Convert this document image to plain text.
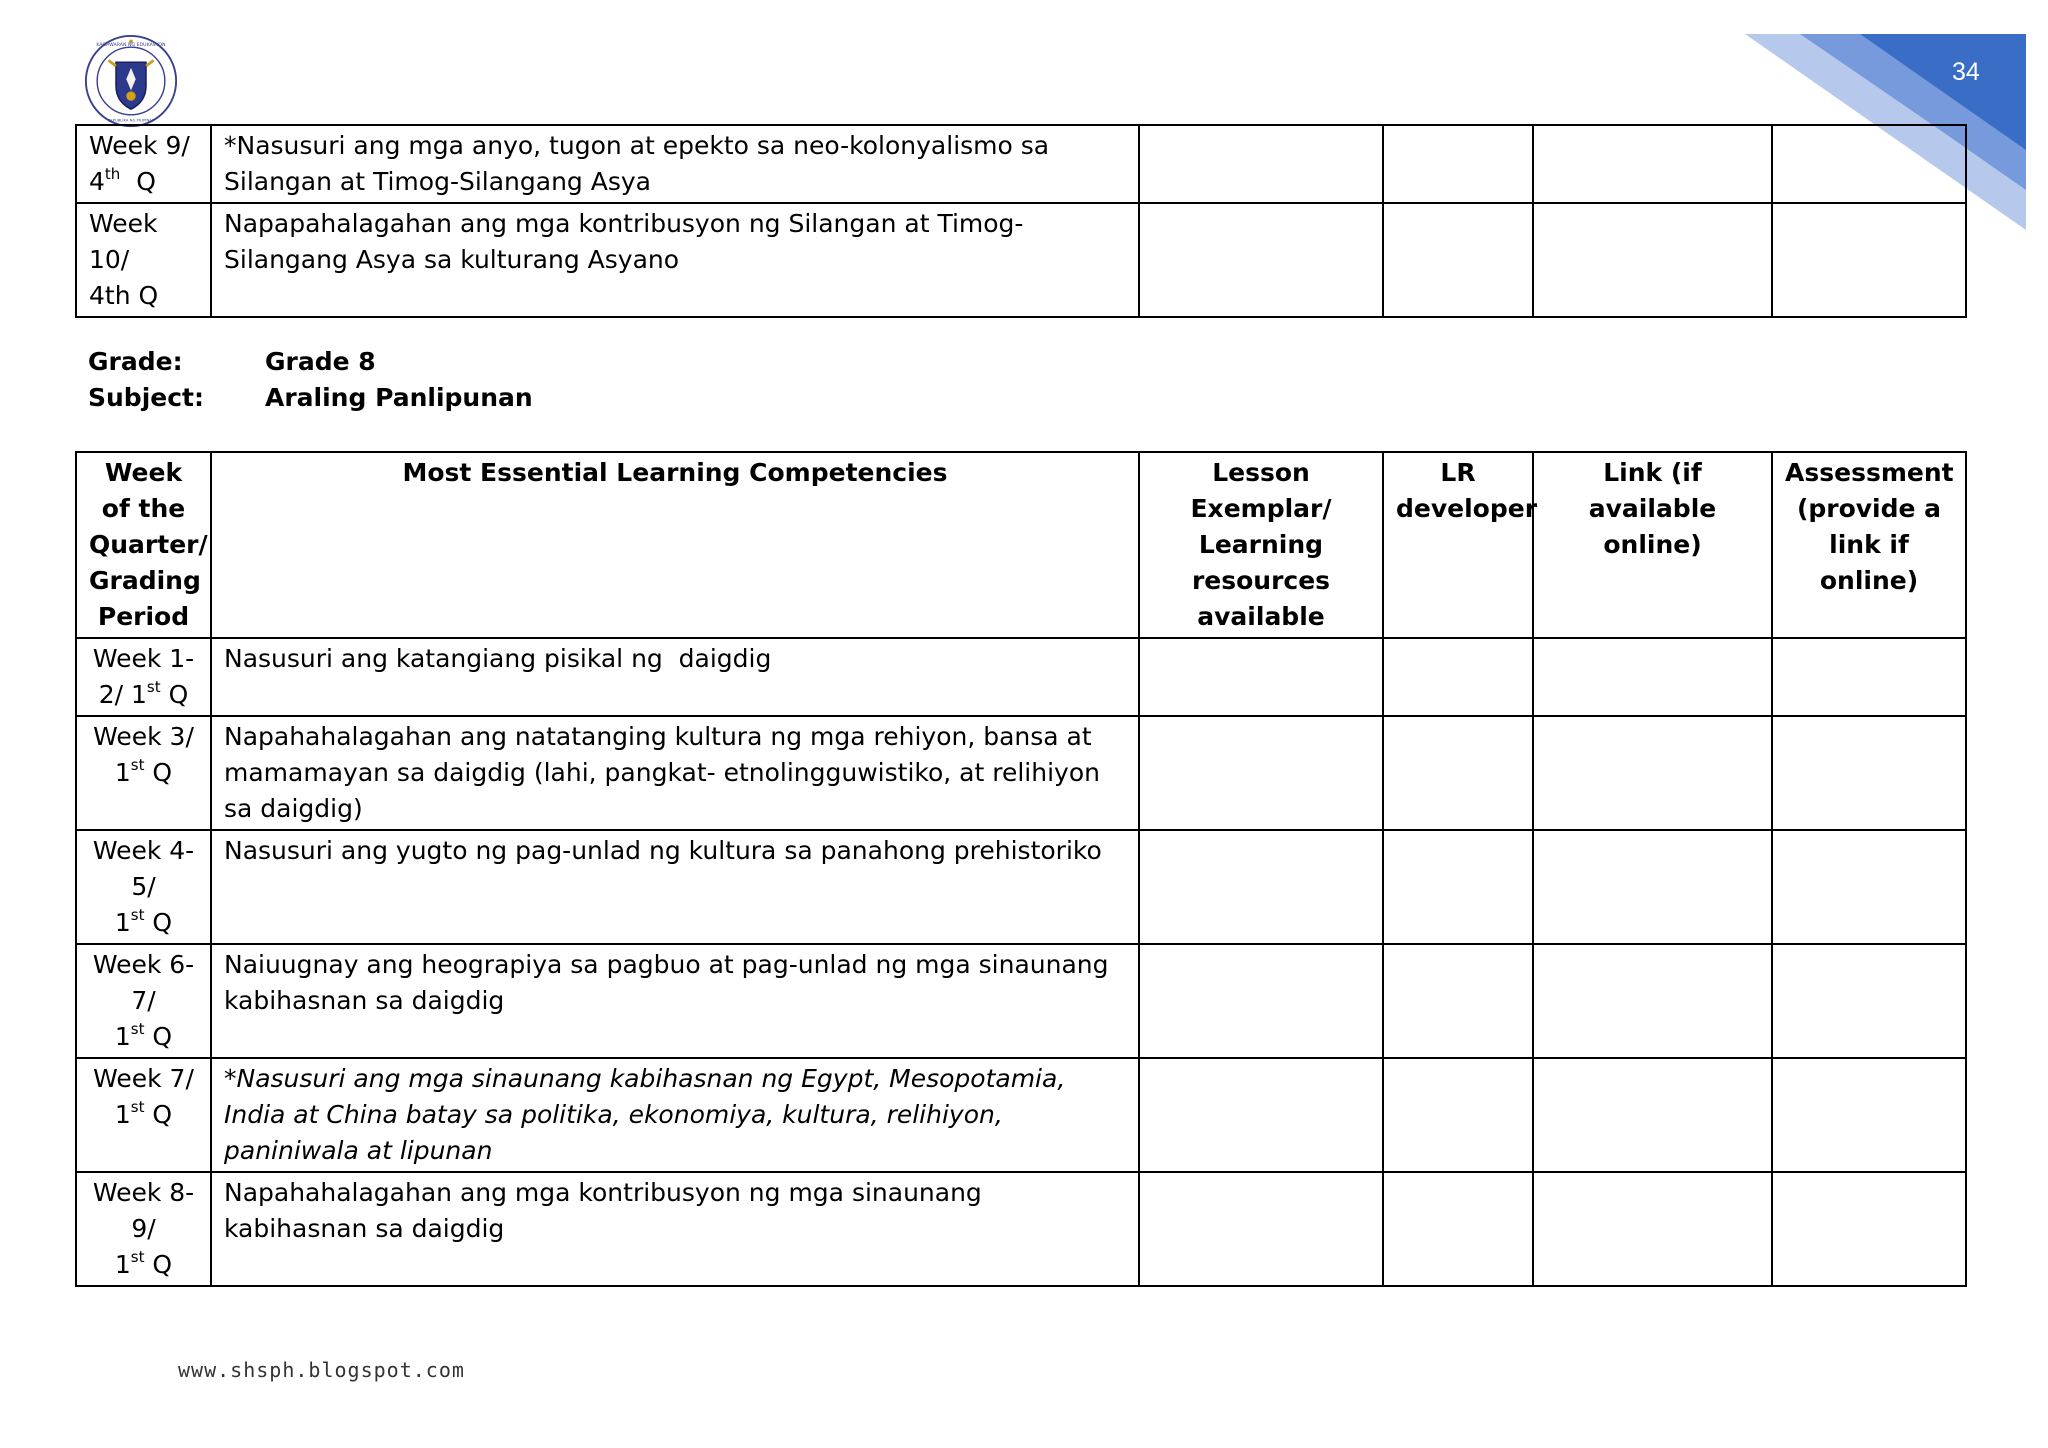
34
KAGAWARAN NG EDUKASYON
REPUBLIKA NG PILIPINAS
Week 9/
4th  Q	*Nasusuri ang mga anyo, tugon at epekto sa neo-kolonyalismo sa Silangan at Timog-Silangang Asya				
Week
10/
4th Q	Napapahalagahan ang mga kontribusyon ng Silangan at Timog-Silangang Asya sa kulturang Asyano				
Grade:	Grade 8
Subject:	Araling Panlipunan
Week of the Quarter/ Grading Period	Most Essential Learning Competencies	Lesson Exemplar/ Learning resources available	LR developer	Link (if available online)	Assessment (provide a link if online)
Week 1-
2/ 1st Q	Nasusuri ang katangiang pisikal ng  daigdig				
Week 3/
1st Q	Napahahalagahan ang natatanging kultura ng mga rehiyon, bansa at mamamayan sa daigdig (lahi, pangkat- etnolingguwistiko, at relihiyon sa daigdig)				
Week 4-
5/
1st Q	Nasusuri ang yugto ng pag-unlad ng kultura sa panahong prehistoriko				
Week 6-
7/
1st Q	Naiuugnay ang heograpiya sa pagbuo at pag-unlad ng mga sinaunang kabihasnan sa daigdig				
Week 7/
1st Q	*Nasusuri ang mga sinaunang kabihasnan ng Egypt, Mesopotamia, India at China batay sa politika, ekonomiya, kultura, relihiyon, paniniwala at lipunan				
Week 8-
9/
1st Q	Napahahalagahan ang mga kontribusyon ng mga sinaunang kabihasnan sa daigdig				
www.shsph.blogspot.com
